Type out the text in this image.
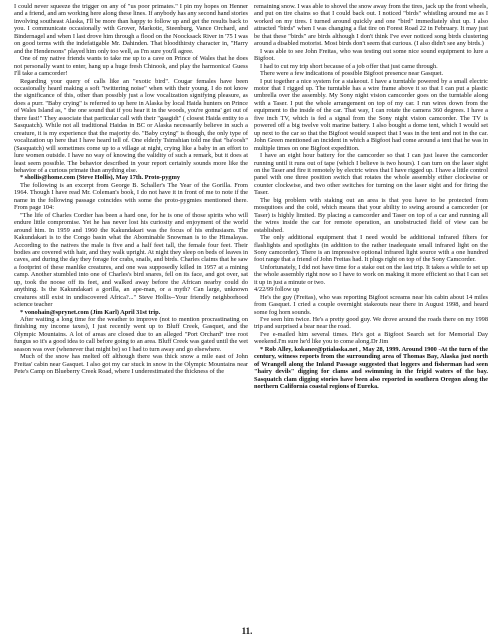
I could never squeeze the trigger on any of "us poor primates." I pin my hopes on Henner and a friend, and am working here along these lines. If anybody has any second hand stories involving southeast Alaska, I'll be more than happy to follow up and get the results back to you. I communicate occasionally with Grover, Markotic, Steenburg, Vance Orchard, and Bindernagel and when I last drove him through a flood on the Noocksack River in '75 I was on good terms with the indefatigable Mr. Dahinden. That bloodthirsty character in, "Harry and the Hendersons" played him only too well, as I'm sure you'll agree.

One of my native friends wants to take me up to a cave on Prince of Wales that he does not personally want to enter, hang up a huge fresh Chinook, and play the harmonica! Guess I'll take a camcorder!

Regarding your query of calls like an "exotic bird". Cougar females have been occasionally heard making a soft "twittering noise" when with their young. I do not know the significance of this, other than possibly just a low vocalization signifying pleasure, as does a purr. "Baby crying" is referred to up here in Alaska by local Haida hunters on Prince of Wales Island as, " the one sound that if you hear it in the woods, you're gonna' get out of there fast!" They associate that particular call with their "gaagidt" ( closest Haida entity to a Sasquatch). While not all traditional Haidas in BC or Alaska necessarily believe in such a creature, it is my experience that the majority do. "Baby crying" is though, the only type of vocalization up here that I have heard tell of. One elderly Tsimshian told me that "ba'oosh" (Sasquatch) will sometimes come up to a village at night, crying like a baby in an effort to lure women outside. I have no way of knowing the validity of such a remark, but it does at least seem possible. The behavior described in your report certainly sounds more like the behavior of a curious primate than anything else.

* shollis@home.com (Steve Hollis), May 17th. Proto-pygmy

The following is an excerpt from George B. Schaller's The Year of the Gorilla. From 1964. Though I have read Mr. Coleman's book, I do not have it in front of me to note if the name in the following passage coincides with some the proto-pygmies mentioned there. From page 104:

"The life of Charles Cordier has been a hard one, for he is one of those spirits who will endure little compromise. Yet he has never lost his curiosity and enjoyment of the world around him. In 1959 and 1960 the Kakundakari was the focus of his enthusiasm. The Kakundakari is to the Congo basin what the Abominable Snowman is to the Himalayas. According to the natives the male is five and a half feet tall, the female four feet. Their bodies are covered with hair, and they walk upright. At night they sleep on beds of leaves in caves, and during the day they forage for crabs, snails, and birds. Charles claims that he saw a footprint of these manlike creatures, and one was supposedly killed in 1957 at a mining camp. Another stumbled into one of Charles's bird snares, fell on its face, and got over, sat up, took the noose off its feet, and walked away before the African nearby could do anything. Is the Kakundakari a gorilla, an ape-man, or a myth? Can large, unknown creatures still exist in undiscovered Africa?..." Steve Hollis--Your friendly neighborhood science teacher

* vonohain@sprynet.com (Jim Karl) April 31st trip.

After waiting a long time for the weather to improve (not to mention procrastinating on finishing my income taxes), I just recently went up to Bluff Creek, Gasquet, and the Olympic Mountains. A lot of areas are closed due to an alleged "Port Orchard" tree root fungus so it's a good idea to call before going to an area. Bluff Creek was gated until the wet season was over (whenever that might be) so I had to turn away and go elsewhere.

Much of the snow has melted off although there was thick snow a mile east of John Freitas' cabin near Gasquet. I also got my car stuck in snow in the Olympic Mountains near Pete's Camp on Blueberry Creek Road, where I underestimated the thickness of the

remaining snow. I was able to shovel the snow away from the tires, jack up the front wheels, and put on tire chains so that I could back out. I noticed "birds" whistling around me as I worked on my tires. I turned around quickly and one "bird" immediately shut up. I also attracted "birds" when I was changing a flat tire on Forest Road 22 in February. It may just be that these "birds" are birds although I don't think I've ever noticed song birds clustering around a disabled motorist. Most birds don't seem that curious. (I also didn't see any birds.)

I was able to see John Freitas, who was testing out some nice sound equipment to lure a Bigfoot.

I had to cut my trip short because of a job offer that just came through.

There were a few indications of possible Bigfoot presence near Gasquet.

I put together a nice system for a stakeout. I have a turntable powered by a small electric motor that I rigged up. The turntable has a wire frame above it so that I can put a plastic umbrella over the assembly. My Sony night vision camcorder goes on the turntable along with a Taser. I put the whole arrangement on top of my car. I run wires down from the equipment to the inside of the car. That way, I can rotate the camera 360 degrees. I have a five inch TV, which is fed a signal from the Sony night vision camcorder. The TV is powered off a big twelve volt marine battery. I also bought a dome tent, which I would set up next to the car so that the Bigfoot would suspect that I was in the tent and not in the car. John Green mentioned an incident in which a Bigfoot had come around a tent that he was in multiple times on one Bigfoot expedition.

I have an eight hour battery for the camcorder so that I can just leave the camcorder running until it runs out of tape (which I believe is two hours). I can turn on the laser sight on the Taser and fire it remotely by electric wires that I have rigged up. I have a little control panel with one three position switch that rotates the whole assembly either clockwise or counter clockwise, and two other switches for turning on the laser sight and for firing the Taser.

The big problem with staking out an area is that you have to be protected from mosquitoes and the cold, which means that your ability to swing around a camcorder (or Taser) is highly limited. By placing a camcorder and Taser on top of a car and running all the wires inside the car for remote operation, an unobstructed field of view can be established.

The only additional equipment that I need would be additional infrared filters for flashlights and spotlights (in addition to the rather inadequate small infrared light on the Sony camcorder). There is an impressive optional infrared light source with a one hundred foot range that a friend of John Freitas had. It plugs right on top of the Sony Camcorder.

Unfortunately, I did not have time for a stake out on the last trip. It takes a while to set up the whole assembly right now so I have to work on making it more efficient so that I can set it up in just a minute or two.

4/22/99 follow up

He's the guy (Freitas), who was reporting Bigfoot screams near his cabin about 14 miles from Gasquet. I cried a couple overnight stakeouts near there in August 1998, and heard some fog horn sounds.

I've seen him twice. He's a pretty good guy. We drove around the roads there on my 1998 trip and surprised a bear near the road.

I've e-mailed him several times. He's got a Bigfoot Search set for Memorial Day weekend.I'm sure he'd like you to come along.Dr Jim

* Rob Alley, kokanee@ptialaska.net , May 28, 1999. Around 1900 -At the turn of the century, witness reports from the surrounding area of Thomas Bay, Alaska just north of Wrangell along the Inland Passage suggested that loggers and fisherman had seen "hairy devils" digging for clams and swimming in the frigid waters of the bay. Sasquatch clam digging stories have been also reported in southern Oregon along the northern California coastal regions of Eureka.

11.
